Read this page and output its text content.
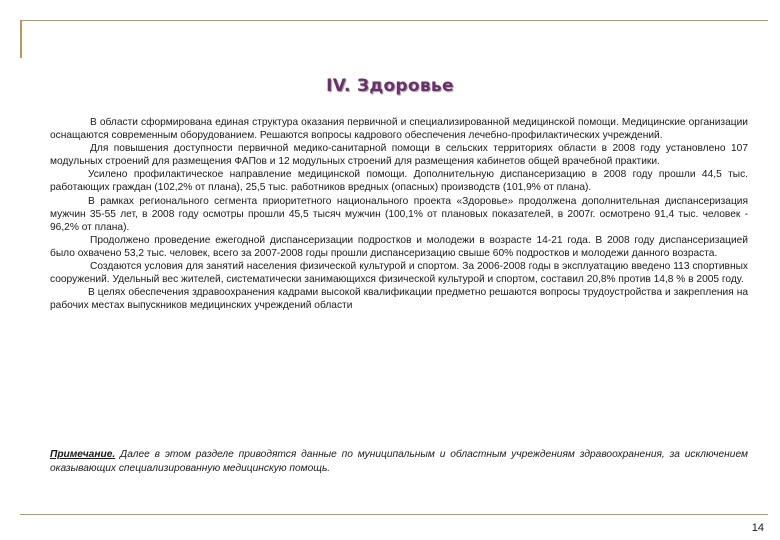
IV. Здоровье

В области сформирована единая структура оказания первичной и специализированной медицинской помощи. Медицинские организации оснащаются современным оборудованием. Решаются вопросы кадрового обеспечения лечебно-профилактических учреждений.

Для повышения доступности первичной медико-санитарной помощи в сельских территориях области в 2008 году установлено 107 модульных строений для размещения ФАПов и 12 модульных строений для размещения кабинетов общей врачебной практики.

Усилено профилактическое направление медицинской помощи. Дополнительную диспансеризацию в 2008 году прошли 44,5 тыс. работающих граждан (102,2% от плана), 25,5 тыс. работников вредных (опасных) производств (101,9% от плана).

В рамках регионального сегмента приоритетного национального проекта «Здоровье» продолжена дополнительная диспансеризация мужчин 35-55 лет, в 2008 году осмотры прошли 45,5 тысяч мужчин (100,1% от плановых показателей, в 2007г. осмотрено 91,4 тыс. человек - 96,2% от плана).

Продолжено проведение ежегодной диспансеризации подростков и молодежи в возрасте 14-21 года. В 2008 году диспансеризацией было охвачено 53,2 тыс. человек, всего за 2007-2008 годы прошли диспансеризацию свыше 60% подростков и молодежи данного возраста.

Создаются условия для занятий населения физической культурой и спортом. За 2006-2008 годы в эксплуатацию введено 113 спортивных сооружений. Удельный вес жителей, систематически занимающихся физической культурой и спортом, составил 20,8% против 14,8 % в 2005 году.

В целях обеспечения здравоохранения кадрами высокой квалификации предметно решаются вопросы трудоустройства и закрепления на рабочих местах выпускников медицинских учреждений области

Примечание. Далее в этом разделе приводятся данные по муниципальным и областным учреждениям здравоохранения, за исключением оказывающих специализированную медицинскую помощь.
14
